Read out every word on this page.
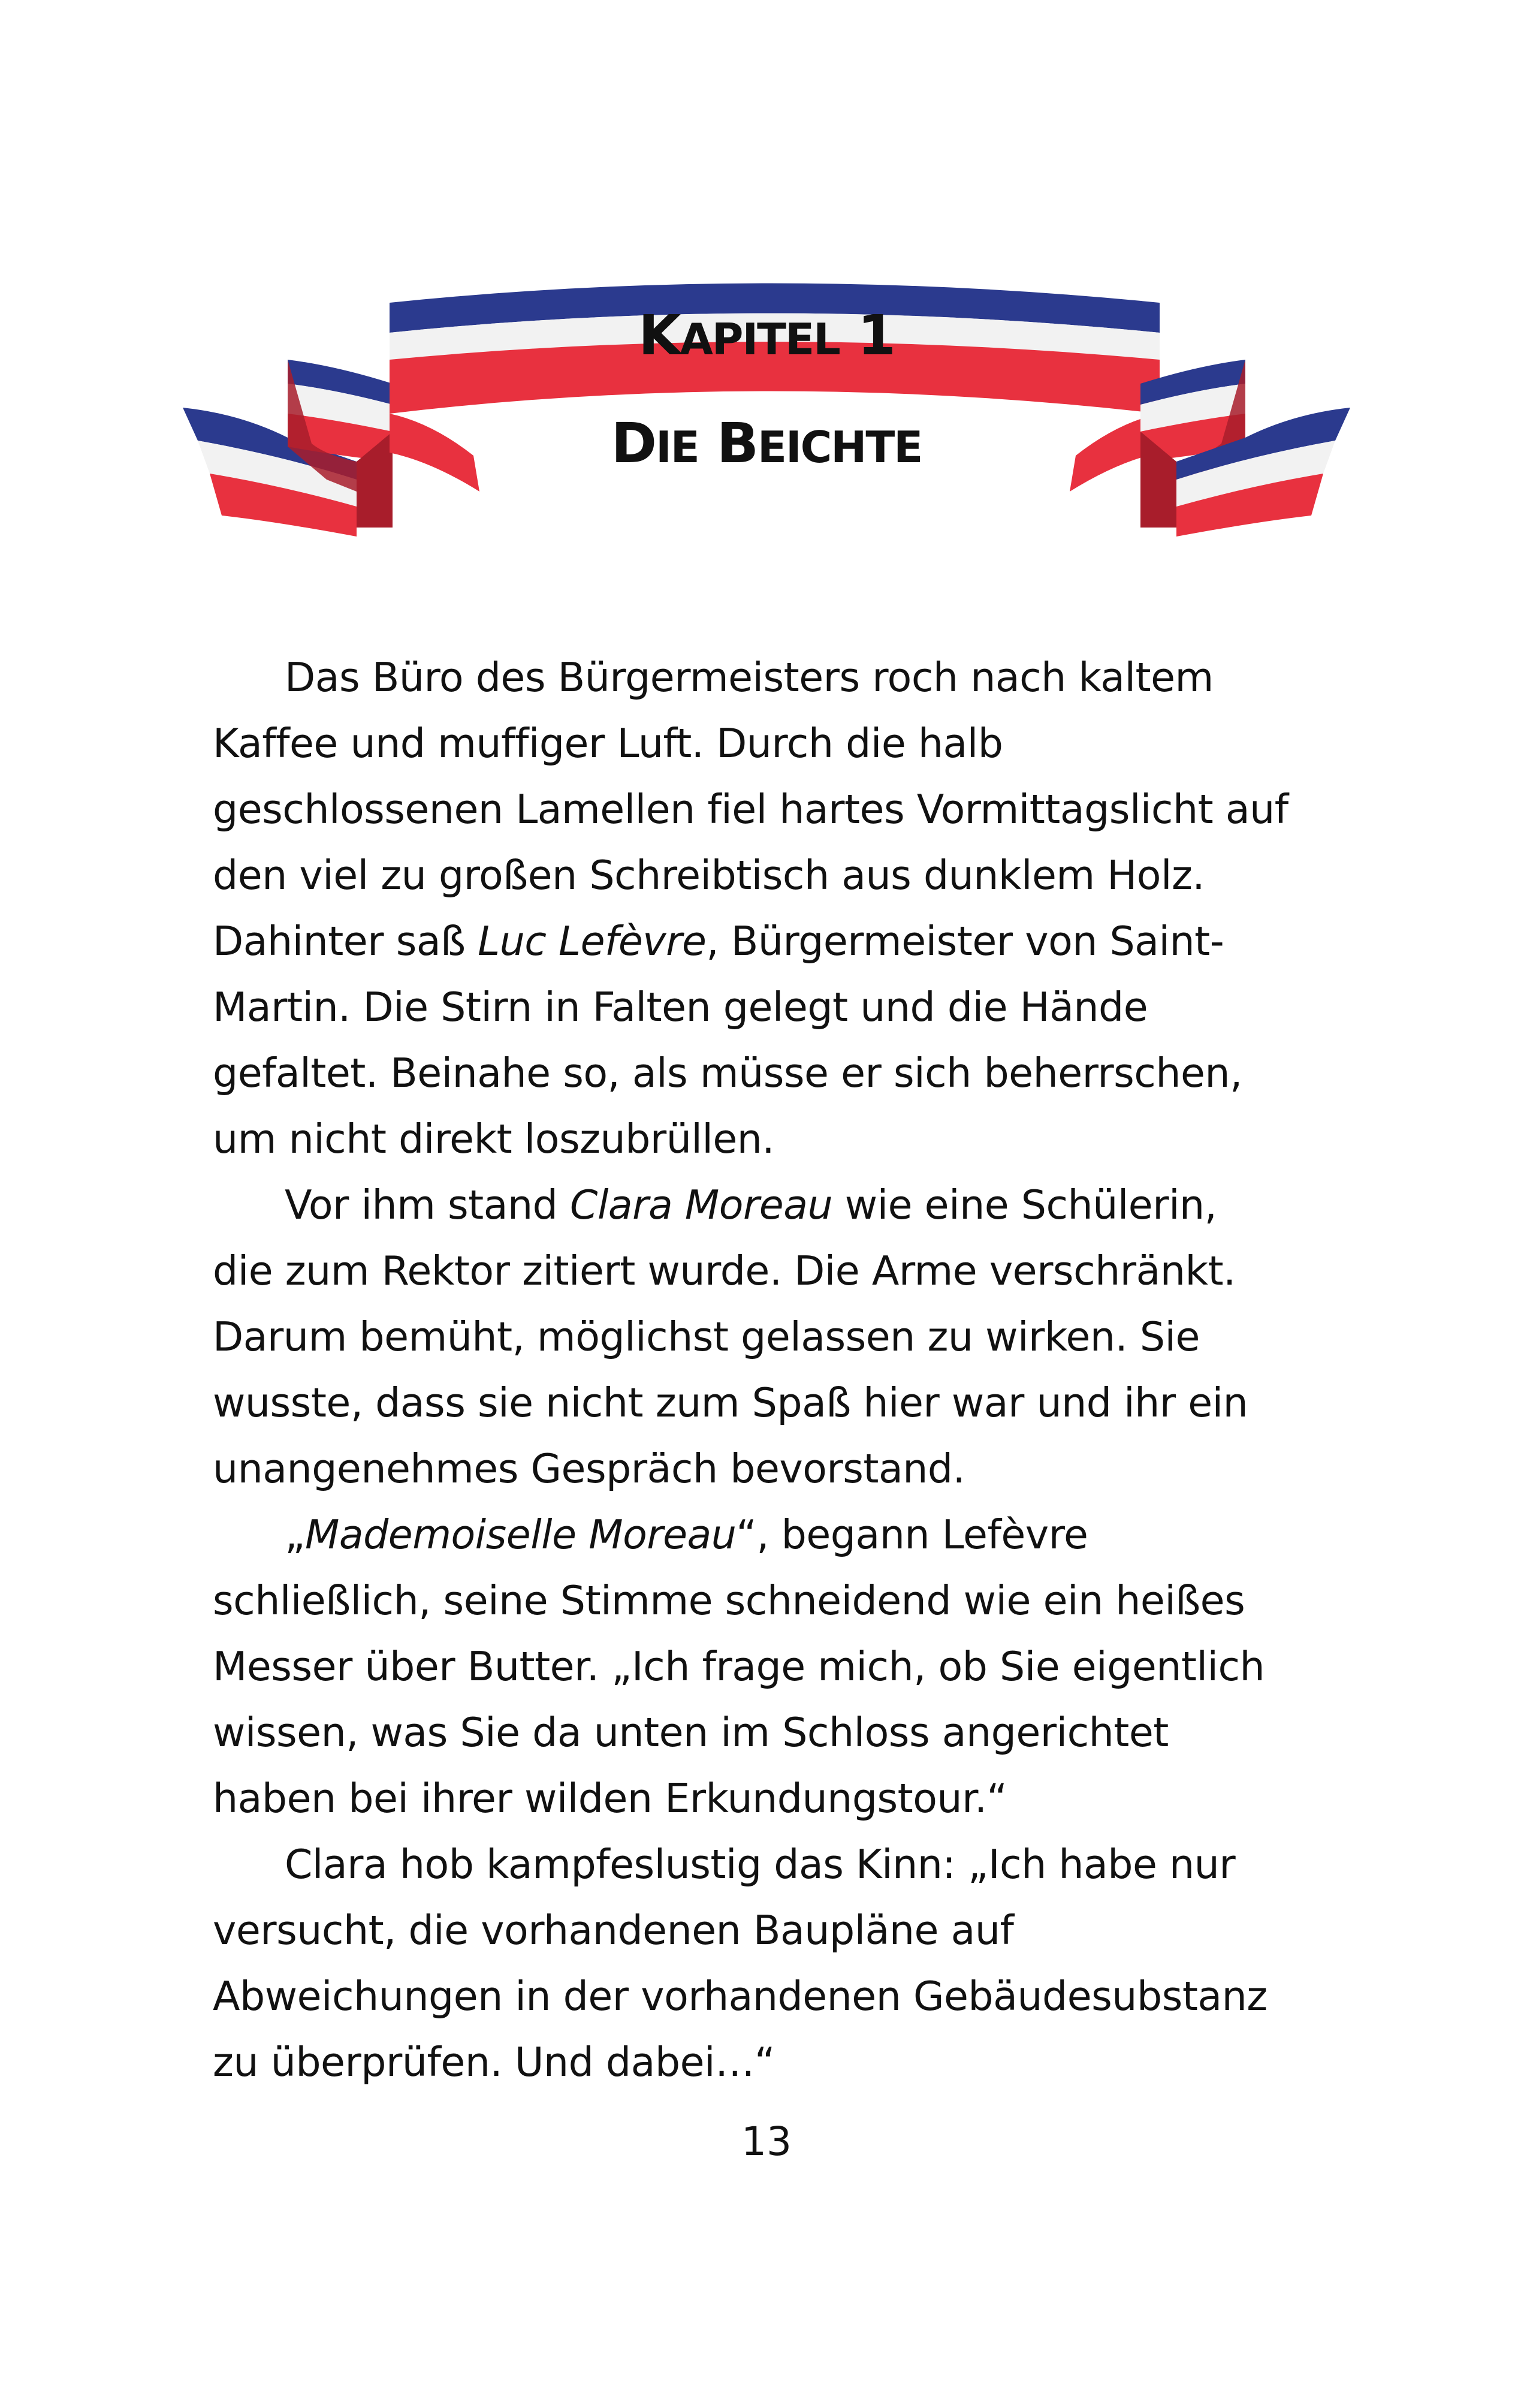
KAPITEL 1
DIE BEICHTE
Das Büro des Bürgermeisters roch nach kaltem
Kaffee und muffiger Luft. Durch die halb
geschlossenen Lamellen fiel hartes Vormittagslicht auf
den viel zu großen Schreibtisch aus dunklem Holz.
Dahinter saß Luc Lefèvre, Bürgermeister von Saint-
Martin. Die Stirn in Falten gelegt und die Hände
gefaltet. Beinahe so, als müsse er sich beherrschen,
um nicht direkt loszubrüllen.
Vor ihm stand Clara Moreau wie eine Schülerin,
die zum Rektor zitiert wurde. Die Arme verschränkt.
Darum bemüht, möglichst gelassen zu wirken. Sie
wusste, dass sie nicht zum Spaß hier war und ihr ein
unangenehmes Gespräch bevorstand.
„Mademoiselle Moreau“, begann Lefèvre
schließlich, seine Stimme schneidend wie ein heißes
Messer über Butter. „Ich frage mich, ob Sie eigentlich
wissen, was Sie da unten im Schloss angerichtet
haben bei ihrer wilden Erkundungstour.“
Clara hob kampfeslustig das Kinn: „Ich habe nur
versucht, die vorhandenen Baupläne auf
Abweichungen in der vorhandenen Gebäudesubstanz
zu überprüfen. Und dabei…“
13
